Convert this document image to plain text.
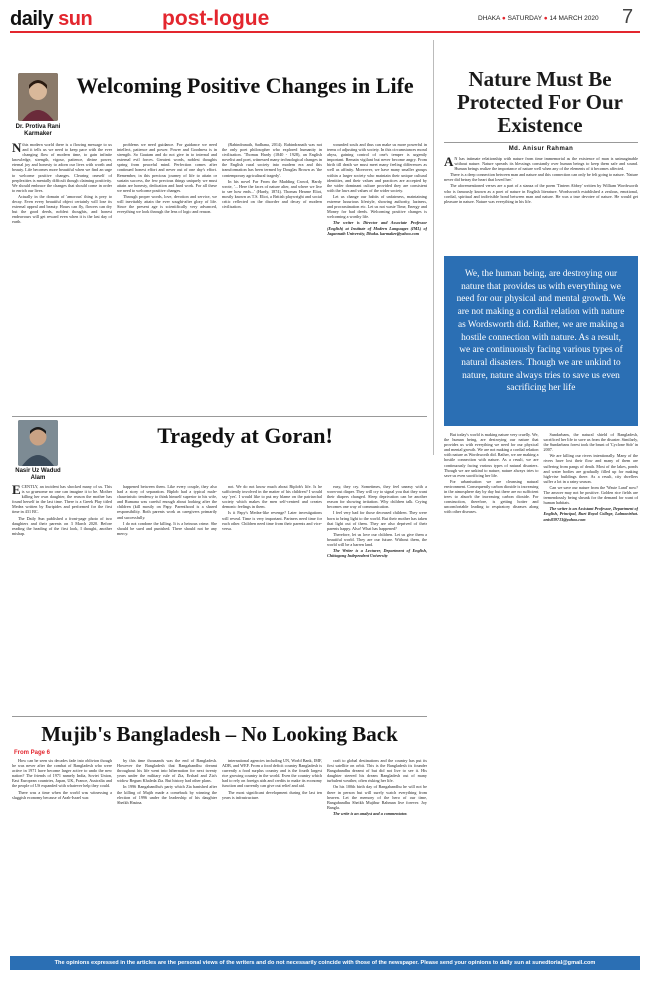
daily sun	post-logue	DHAKA ● SATURDAY ● 14 MARCH 2020 7
Welcoming Positive Changes in Life
Dr. Protiva Rani
Karmaker

Nthis modern world there is a flowing message to us and it tells us we need to keep pace with the ever changing flow of modern time, to gain infinite knowledge, strength, vigour, patience, divine power, eternal joy and honesty to adorn our lives with worth and beauty. Life becomes more beautiful when we find an urge to welcome positive changes. Clearing oneself of perplexities is mentally difficult though claiming positivity. We should embrace the changes that should come in order to enrich our lives.

Actually in the domain of 'amorous' thing is prey to decay. Even every beautiful object certainly will lose its external appeal and beauty. Hours can fly, flowers can dry but the good deeds, noblest thoughts, and honest endeavours will get reward even when it is the last day of earth.

problems we need guidance. For guidance we need intellect, patience and power. Power and Goodness is in strength. So Gautam and do not give in to internal and external evil forces. Greatest words, noblest thoughts spring from peaceful mind. Perfection comes after continued honest effort and never out of one day's effort. Remember, in this precious journey of life to attain or sustain success, the few precious things uniquely we must attain are honesty, dedication and hard work. For all these we need to welcome positive changes.

Through proper words, love, devotion and service, we will inevitably attain the ever sought-after glory of life. Since the present age is scientifically very advanced, everything we look through the lens of logic and reason.

(Rabindranath, Sadhana, 2014). Rabindranath was not the only poet philosopher who explored humanity in civilisation. 'Thomas Hardy (1840 - 1928), an English novelist and poet, witnessed many technological changes in the English rural society into modern era and this transformation has been termed by Douglas Brown as 'the contemporary agricultural tragedy'.

In his novel Far From the Madding Crowd, Hardy wrote, '... Here the faces of nature alter, and where we live to see how ends...' (Hardy, 1874). Thomas Hearne Eliot, mostly known as T.S. Eliot, a British playwright and social critic reflected on the disorder and decay of modern civilisation.

wounded souls and thus can make us more powerful in terms of adjusting with society. In this circumstances moral abyss, gaining control of one's temper is urgently important. Remain vigilant but never become angry. From birth till death we must meet many feeling differences as well as affinity. Moreover, we have many smaller groups within a larger society who maintain their unique cultural identities, and their values and practices are accepted by the wider dominant culture provided they are consistent with the laws and values of the wider society.

Let us change our habits of unfairness, maintaining extreme luxurious lifestyle, showing authority, laziness, and procrastination etc. Let us not waste Time, Energy and Money for bad deeds. Welcoming positive changes is welcoming a worthy life.

The writer is Director and Associate Professor (English) at Institute of Modern Languages (IML) of Jagannath University, Dhaka. karmaker@yahoo.com

Nature Must Be Protected For Our Existence
Md. Anisur Rahman

AN has intimate relationship with nature from time immemorial as the existence of man is unimaginable without nature. Nature spreads its blessings constantly over human beings to keep them safe and sound. Human beings realize the importance of nature well when any of the elements of it becomes affected.

There is a deep connection between man and nature and this connection can only be felt going to nature. 'Nature never did betray the heart that loved her.'

The aforementioned verses are a part of a stanza of the poem 'Tintern Abbey' written by William Wordsworth who is famously known as a poet of nature in English literature. Wordsworth established a zealous, emotional, cordial, spiritual and indivisible bond between man and nature. He was a true devotee of nature. He would get pleasure in nature. Nature was everything in his life.

We, the human being, are destroying our nature that provides us with everything we need for our physical and mental growth. We are not making a cordial relation with nature as Wordsworth did. Rather, we are making a hostile connection with nature. As a result, we are continuously facing various types of natural disasters. Though we are unkind to nature, nature always tries to save us even sacrificing her life

But today's world is making nature very cruelly. We, the human being, are destroying our nature that provides us with everything we need for our physical and mental growth. We are not making a cordial relation with nature as Wordsworth did. Rather, we are making a hostile connection with nature. As a result, we are continuously facing various types of natural disasters. Though we are unkind to nature, nature always tries to save us even sacrificing her life.

For urbanisation we are cleansing natural environment. Consequently carbon dioxide is increasing in the atmosphere day by day but there are no sufficient trees to absorb the increasing carbon dioxide. For construction, therefore, is getting hotter and uncomfortable leading to respiratory diseases along with other diseases.

Sundarbans, the natural shield of Bangladesh, sacrificed her life to save us from the disaster. Similarly, the Sundarbans forest took the brunt of 'Cyclone Sidr' in 2007.

We are killing our rivers intentionally. Many of the rivers have lost their flow and many of them are suffering from pangs of death. Most of the lakes, ponds and water bodies are gradually filled up for making high-rise buildings there. As a result, city dwellers suffer a lot in a rainy season.

Can we save our nature from the 'Waste Land' now? The answer may not be positive. Golden rice fields are tremendously being shrunk for the demand for want of human habitats.

The writer is an Assistant Professor, Department of English, Principal, Ruet Royal College, Lalmonirhat. anis839713@yahoo.com

Tragedy at Goran!
Nasir Uz Wadud
Alam

ECENTLY, an incident has shocked many of us. This is so gruesome no one can imagine it to be. Mother killing her own daughter, the reason the mother has found herself in the last time. There is a Greek Play titled Medea written by Euripides and performed for the first time in 431 BC.

The Daily Sun published a front-page photo of two daughters and their parents on 3 March 2020. Before reading the heading of the first look, I thought, another mishap.

happened between them. Like every couple, they also had a story of separation. Biplob had a typical male-chauvinistic tendency to think himself superior to his wife, and Rumana was careful enough about looking after the children (kill mostly on Papy. Parenthood is a shared responsibility. Both parents work as caregivers primarily and successfully.

I do not condone the killing. It is a heinous crime. She should be sued and punished. There should not be any mercy.

not. We do not know much about Biplob's life. Is he sufficiently involved in the matter of his children? I would say 'yes'. I would like to put my blame on the patriarchal society which makes the men self-centred and creates demonic feelings in them.

Is it Papy's Medea-like revenge? Later investigations will reveal. Time is very important. Partners need time for each other. Children need time from their parents and vice-versa.

easy, they cry. Sometimes, they feel uneasy with a worn-out diaper. They will cry to signal you that they want their diapers changed. Sleep deprivation can be another reason for showing irritation. Why children talk. Crying becomes one way of communication.

I feel very bad for those deceased children. They were born to bring light to the world. But their mother has taken that light out of them. They are also deprived of their parents happy. Also! What has happened?

Therefore, let us love our children. Let us give them a beautiful world. They are our future. Without them, the world will be a barren land.

The Writer is a Lecturer, Department of English, Chittagong Independent University

Mujib's Bangladesh – No Looking Back
From Page 6

How can be seen six decades fade into oblivion though he was never after the combat of Bangladesh who were active in 1971 have become larger active to undo the new nation? The friends of 1971 namely India, Soviet Union, East European countries, Japan, UK, France, Australia and the people of US expanded with whatever help they could.

There was a time when the world was witnessing a sluggish economy because of Arab-Israel war.

by this time thousands was the end of Bangladesh. However the Bangladesh that Bangabandhu dreamt throughout his life went into hibernation for next twenty years under the military rule of Zia, Ershad and Zia's widow Begum Khaleda Zia. But history had other plans.

In 1996 Bangabandhu's party which Zia banished after the killing of Mujib made a comeback by winning the election of 1996 under the leadership of his daughter Sheikh Hasina.

international agencies including UN, World Bank, IMF, ADB, and WEF. From a food deficit country Bangladesh is currently a food surplus country and is the fourth largest rice growing country in the world. Even the country which had to rely on foreign aids and credits to make its economy function and currently can give out relief and aid.

The most significant development during the last ten years is infrastructure.

craft to global destinations and the country has put its first satellite on orbit. This is the Bangladesh its founder Bangabandhu dreamt of but did not live to see it. His daughter steered his dream Bangladesh out of many turbulent weather, often risking her life.

On his 100th birth day of Bangabandhu he will not be there in person but will surely watch everything from heaven. Let the memory of the hero of our time, Bangabandhu Sheikh Mujibur Rahman live forever. Joy Bangla.

The write is an analyst and a commentator.

The opinions expressed in the articles are the personal views of the writers and do not necessarily coincide with those of the newspaper. Please send your opinions to daily sun at sunedtorial@gmail.com
